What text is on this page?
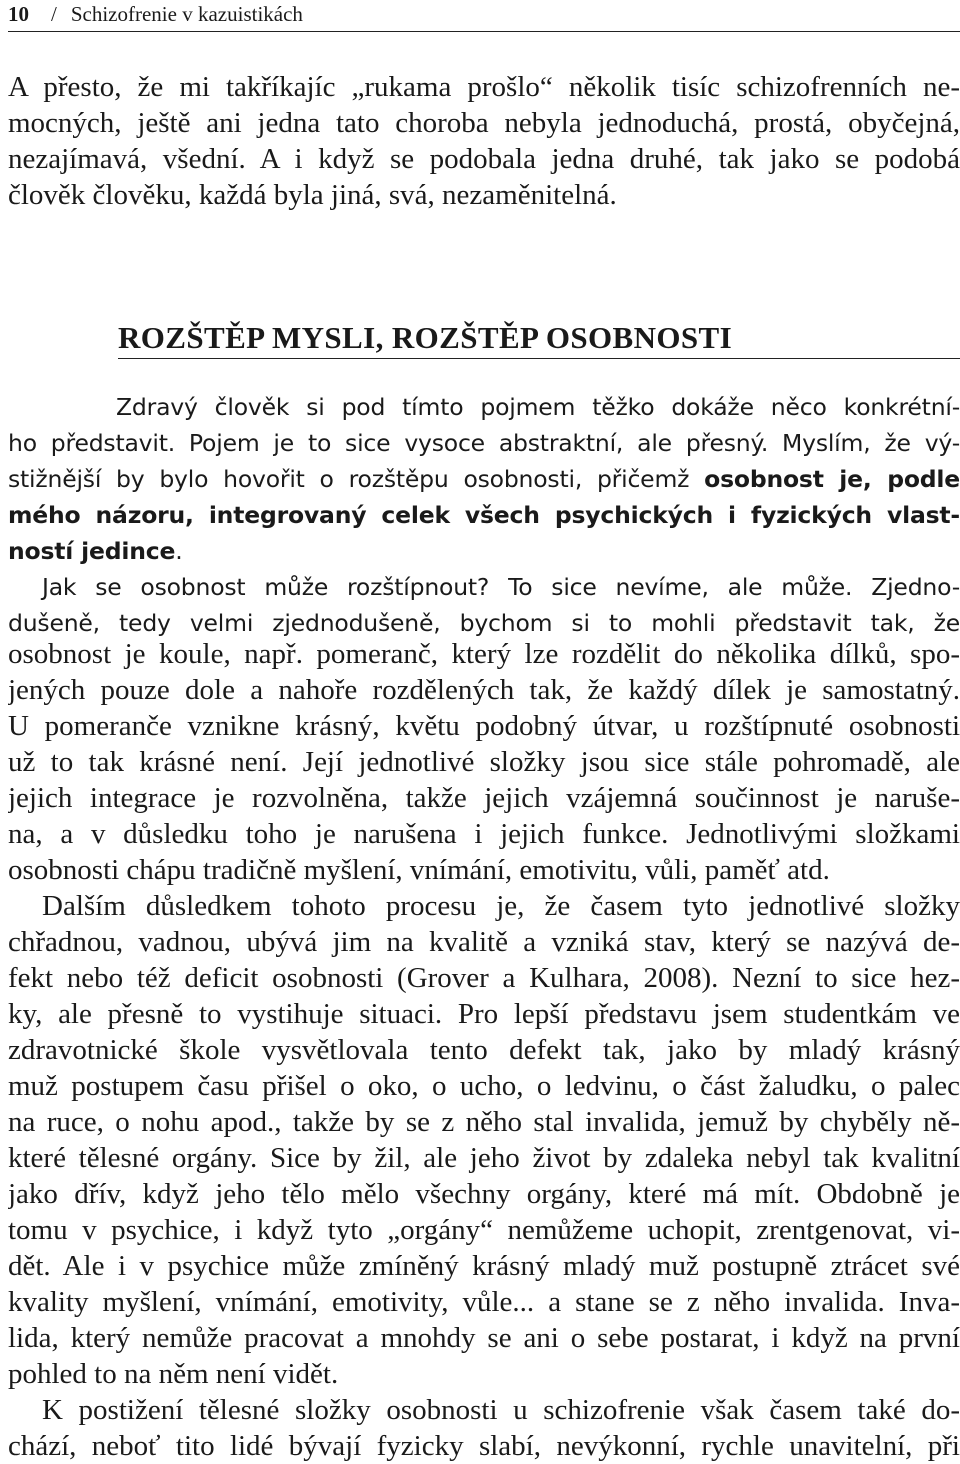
10 / Schizofrenie v kazuistikách
A přesto, že mi takříkajíc „rukama prošlo“ několik tisíc schizofrenních ne-
mocných, ještě ani jedna tato choroba nebyla jednoduchá, prostá, obyčejná,
nezajímavá, všední. A i když se podobala jedna druhé, tak jako se podobá
člověk člověku, každá byla jiná, svá, nezaměnitelná.
ROZŠTĚP MYSLI, ROZŠTĚP OSOBNOSTI
Zdravý člověk si pod tímto pojmem těžko dokáže něco konkrétní-
ho představit. Pojem je to sice vysoce abstraktní, ale přesný. Myslím, že vý-
stižnější by bylo hovořit o rozštěpu osobnosti, přičemž osobnost je, podle
mého názoru, integrovaný celek všech psychických i fyzických vlast-
ností jedince.
Jak se osobnost může rozštípnout? To sice nevíme, ale může. Zjedno-
dušeně, tedy velmi zjednodušeně, bychom si to mohli představit tak, že
osobnost je koule, např. pomeranč, který lze rozdělit do několika dílků, spo-
jených pouze dole a nahoře rozdělených tak, že každý dílek je samostatný.
U pomeranče vznikne krásný, květu podobný útvar, u rozštípnuté osobnosti
už to tak krásné není. Její jednotlivé složky jsou sice stále pohromadě, ale
jejich integrace je rozvolněna, takže jejich vzájemná součinnost je naruše-
na, a v důsledku toho je narušena i jejich funkce. Jednotlivými složkami
osobnosti chápu tradičně myšlení, vnímání, emotivitu, vůli, paměť atd.
Dalším důsledkem tohoto procesu je, že časem tyto jednotlivé složky
chřadnou, vadnou, ubývá jim na kvalitě a vzniká stav, který se nazývá de-
fekt nebo též deficit osobnosti (Grover a Kulhara, 2008). Nezní to sice hez-
ky, ale přesně to vystihuje situaci. Pro lepší představu jsem studentkám ve
zdravotnické škole vysvětlovala tento defekt tak, jako by mladý krásný
muž postupem času přišel o oko, o ucho, o ledvinu, o část žaludku, o palec
na ruce, o nohu apod., takže by se z něho stal invalida, jemuž by chyběly ně-
které tělesné orgány. Sice by žil, ale jeho život by zdaleka nebyl tak kvalitní
jako dřív, když jeho tělo mělo všechny orgány, které má mít. Obdobně je
tomu v psychice, i když tyto „orgány“ nemůžeme uchopit, zrentgenovat, vi-
dět. Ale i v psychice může zmíněný krásný mladý muž postupně ztrácet své
kvality myšlení, vnímání, emotivity, vůle... a stane se z něho invalida. Inva-
lida, který nemůže pracovat a mnohdy se ani o sebe postarat, i když na první
pohled to na něm není vidět.
K postižení tělesné složky osobnosti u schizofrenie však časem také do-
chází, neboť tito lidé bývají fyzicky slabí, nevýkonní, rychle unavitelní, při
